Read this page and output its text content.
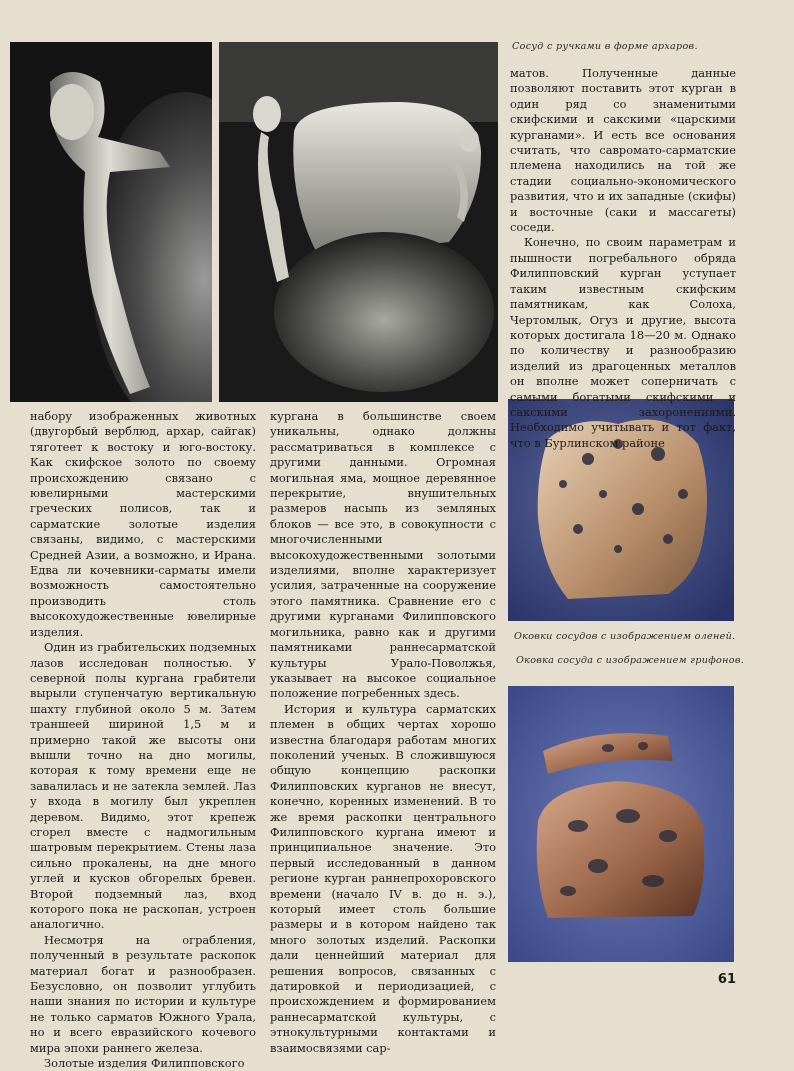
Сосуд с ручками в форме архаров.
Оковки сосудов с изображением оленей.
Оковка сосуда с изображением грифонов.

матов. Полученные данные позволяют поставить этот курган в один ряд со знаменитыми скифскими и сакскими «царскими курганами». И есть все основания считать, что савромато-сарматские племена находились на той же стадии социально-экономического развития, что и их западные (скифы) и восточные (саки и массагеты) соседи.

Конечно, по своим параметрам и пышности погребального обряда Филипповский курган уступает таким известным скифским памятникам, как Солоха, Чертомлык, Огуз и другие, высота которых достигала 18—20 м. Однако по количеству и разнообразию изделий из драгоценных металлов он вполне может соперничать с самыми богатыми скифскими и сакскими захоронениями. Необходимо учитывать и тот факт, что в Бурлинском районе

набору изображенных животных (двугорбый верблюд, архар, сайгак) тяготеет к востоку и юго-востоку. Как скифское золото по своему происхождению связано с ювелирными мастерскими греческих полисов, так и сарматские золотые изделия связаны, видимо, с мастерскими Средней Азии, а возможно, и Ирана. Едва ли кочевники-сарматы имели возможность самостоятельно производить столь высокохудожественные ювелирные изделия.

Один из грабительских подземных лазов исследован полностью. У северной полы кургана грабители вырыли ступенчатую вертикальную шахту глубиной около 5 м. Затем траншеей шириной 1,5 м и примерно такой же высоты они вышли точно на дно могилы, которая к тому времени еще не завалилась и не затекла землей. Лаз у входа в могилу был укреплен деревом. Видимо, этот крепеж сгорел вместе с надмогильным шатровым перекрытием. Стены лаза сильно прокалены, на дне много углей и кусков обгорелых бревен. Второй подземный лаз, вход которого пока не раскопан, устроен аналогично.

Несмотря на ограбления, полученный в результате раскопок материал богат и разнообразен. Безусловно, он позволит углубить наши знания по истории и культуре не только сарматов Южного Урала, но и всего евразийского кочевого мира эпохи раннего железа.

Золотые изделия Филипповского

кургана в большинстве своем уникальны, однако должны рассматриваться в комплексе с другими данными. Огромная могильная яма, мощное деревянное перекрытие, внушительных размеров насыпь из земляных блоков — все это, в совокупности с многочисленными высокохудожественными золотыми изделиями, вполне характеризует усилия, затраченные на сооружение этого памятника. Сравнение его с другими курганами Филипповского могильника, равно как и другими памятниками раннесарматской культуры Урало-Поволжья, указывает на высокое социальное положение погребенных здесь.

История и культура сарматских племен в общих чертах хорошо известна благодаря работам многих поколений ученых. В сложившуюся общую концепцию раскопки Филипповских курганов не внесут, конечно, коренных изменений. В то же время раскопки центрального Филипповского кургана имеют и принципиальное значение. Это первый исследованный в данном регионе курган раннепрохоровского времени (начало IV в. до н. э.), который имеет столь большие размеры и в котором найдено так много золотых изделий. Раскопки дали ценнейший материал для решения вопросов, связанных с датировкой и периодизацией, с происхождением и формированием раннесарматской культуры, с этнокультурными контактами и взаимосвязями сар-

61
